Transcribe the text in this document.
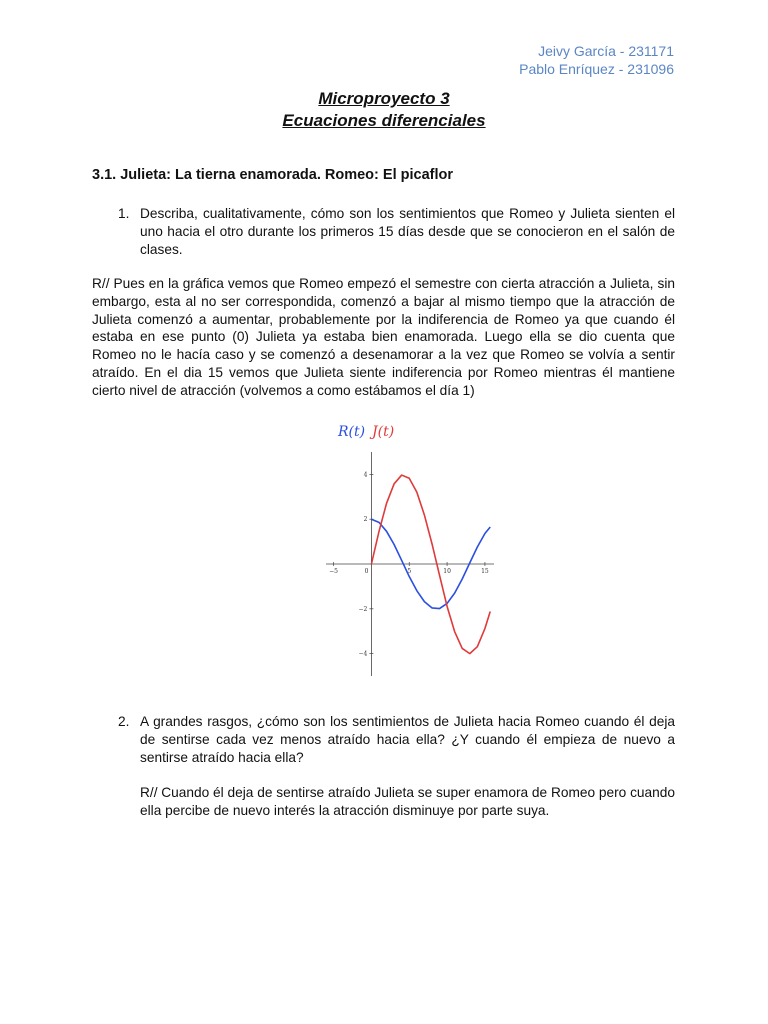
Jeivy García - 231171
Pablo Enríquez - 231096
Microproyecto 3
Ecuaciones diferenciales
3.1. Julieta: La tierna enamorada. Romeo: El picaflor
1. Describa, cualitativamente, cómo son los sentimientos que Romeo y Julieta sienten el uno hacia el otro durante los primeros 15 días desde que se conocieron en el salón de clases.
R// Pues en la gráfica vemos que Romeo empezó el semestre con cierta atracción a Julieta, sin embargo, esta al no ser correspondida, comenzó a bajar al mismo tiempo que la atracción de Julieta comenzó a aumentar, probablemente por la indiferencia de Romeo ya que cuando él estaba en ese punto (0) Julieta ya estaba bien enamorada. Luego ella se dio cuenta que Romeo no le hacía caso y se comenzó a desenamorar a la vez que Romeo se volvía a sentir atraído. En el dia 15 vemos que Julieta siente indiferencia por Romeo mientras él mantiene cierto nivel de atracción (volvemos a como estábamos el día 1)
−5	5	10	15
4
2
−2
−4
0
R(t) J(t)
2. A grandes rasgos, ¿cómo son los sentimientos de Julieta hacia Romeo cuando él deja de sentirse cada vez menos atraído hacia ella? ¿Y cuando él empieza de nuevo a sentirse atraído hacia ella?
R// Cuando él deja de sentirse atraído Julieta se super enamora de Romeo pero cuando ella percibe de nuevo interés la atracción disminuye por parte suya.
